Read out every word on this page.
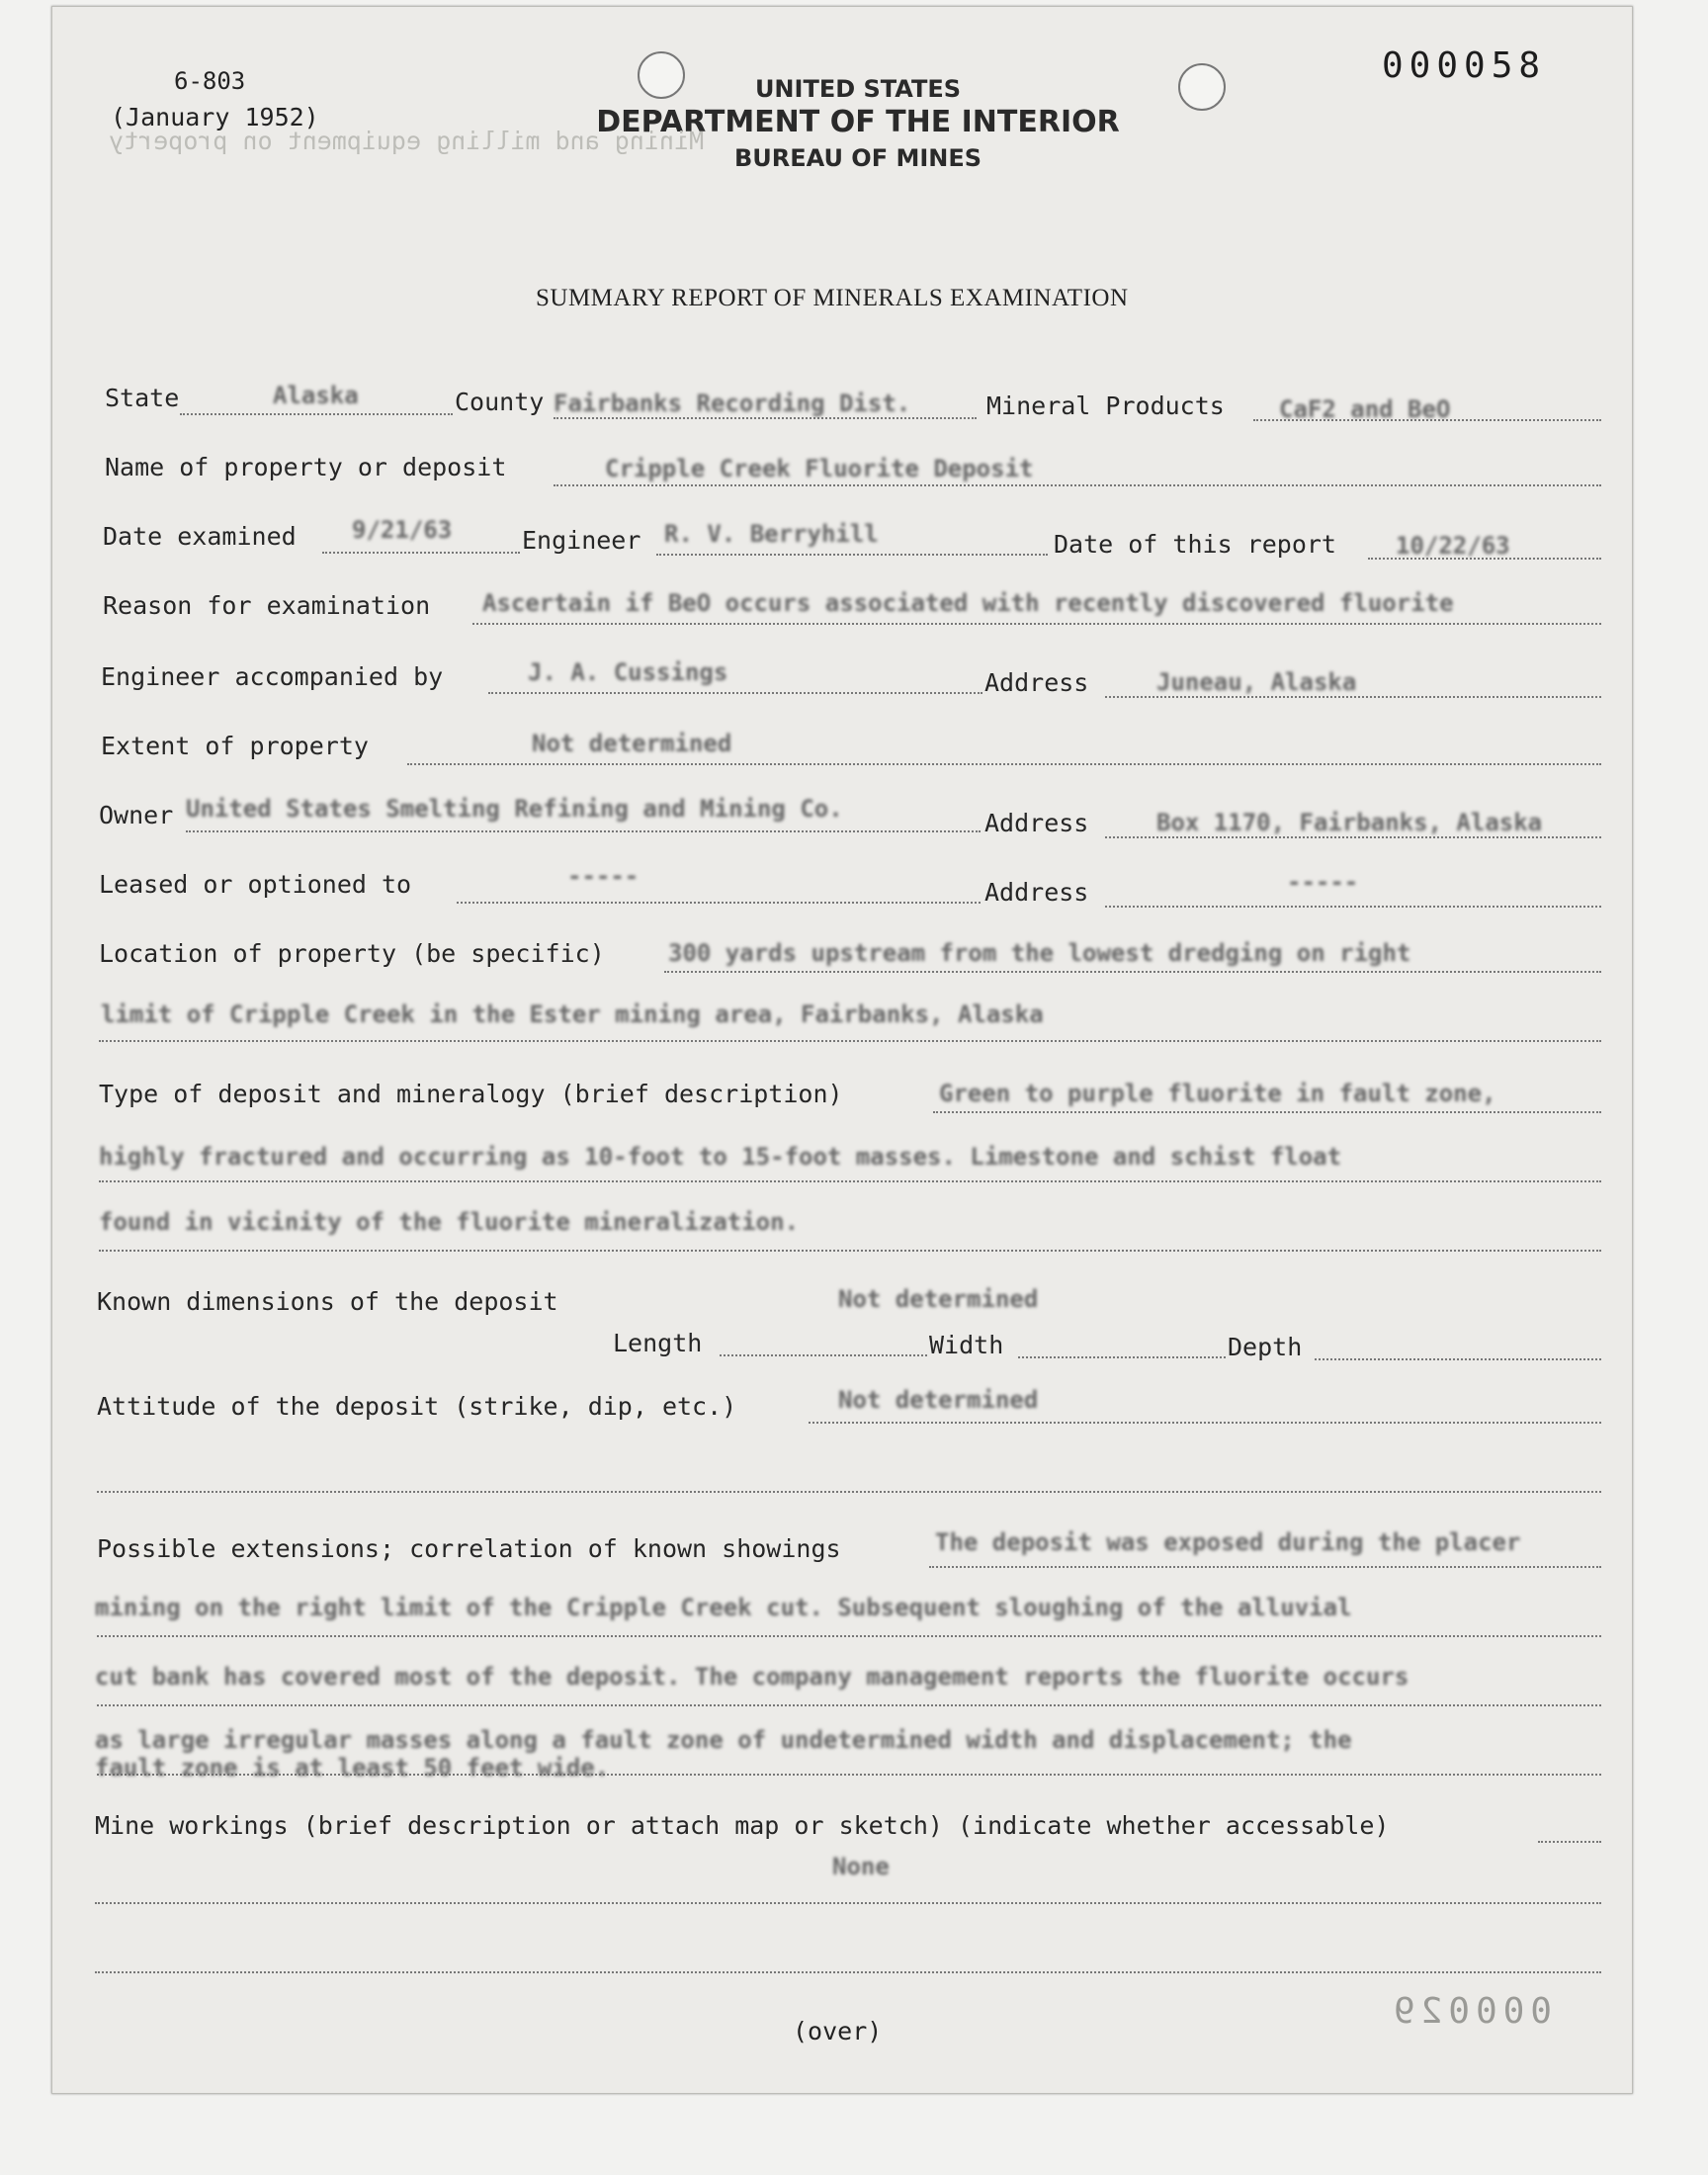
6-803
(January 1952)
000058
UNITED STATES
DEPARTMENT OF THE INTERIOR
BUREAU OF MINES
SUMMARY REPORT OF MINERALS EXAMINATION
Mining and milling equipment on property
State	Alaska	County Fairbanks Recording Dist.	Mineral Products CaF2 and BeO
Name of property or deposit	Cripple Creek Fluorite Deposit
Date examined 9/21/63	Engineer R. V. Berryhill	Date of this report	10/22/63
Reason for examination Ascertain if BeO occurs associated with recently discovered fluorite
Engineer accompanied by	J. A. Cussings	Address	Juneau, Alaska
Extent of property	Not determined
Owner United States Smelting Refining and Mining Co.	Address	Box 1170, Fairbanks, Alaska
Leased or optioned to	-----
Address	-----
Location of property (be specific)	300 yards upstream from the lowest dredging on right
limit of Cripple Creek in the Ester mining area, Fairbanks, Alaska
Type of deposit and mineralogy (brief description)	Green to purple fluorite in fault zone,
highly fractured and occurring as 10-foot to 15-foot masses. Limestone and schist float
found in vicinity of the fluorite mineralization.
Known dimensions of the deposit	Not determined
Length	Width	Depth
Attitude of the deposit (strike, dip, etc.)	Not determined
Possible extensions; correlation of known showings	The deposit was exposed during the placer
mining on the right limit of the Cripple Creek cut. Subsequent sloughing of the alluvial
cut bank has covered most of the deposit. The company management reports the fluorite occurs
as large irregular masses along a fault zone of undetermined width and displacement; the
fault zone is at least 50 feet wide.
Mine workings (brief description or attach map or sketch) (indicate whether accessable)
None
(over)	000029
